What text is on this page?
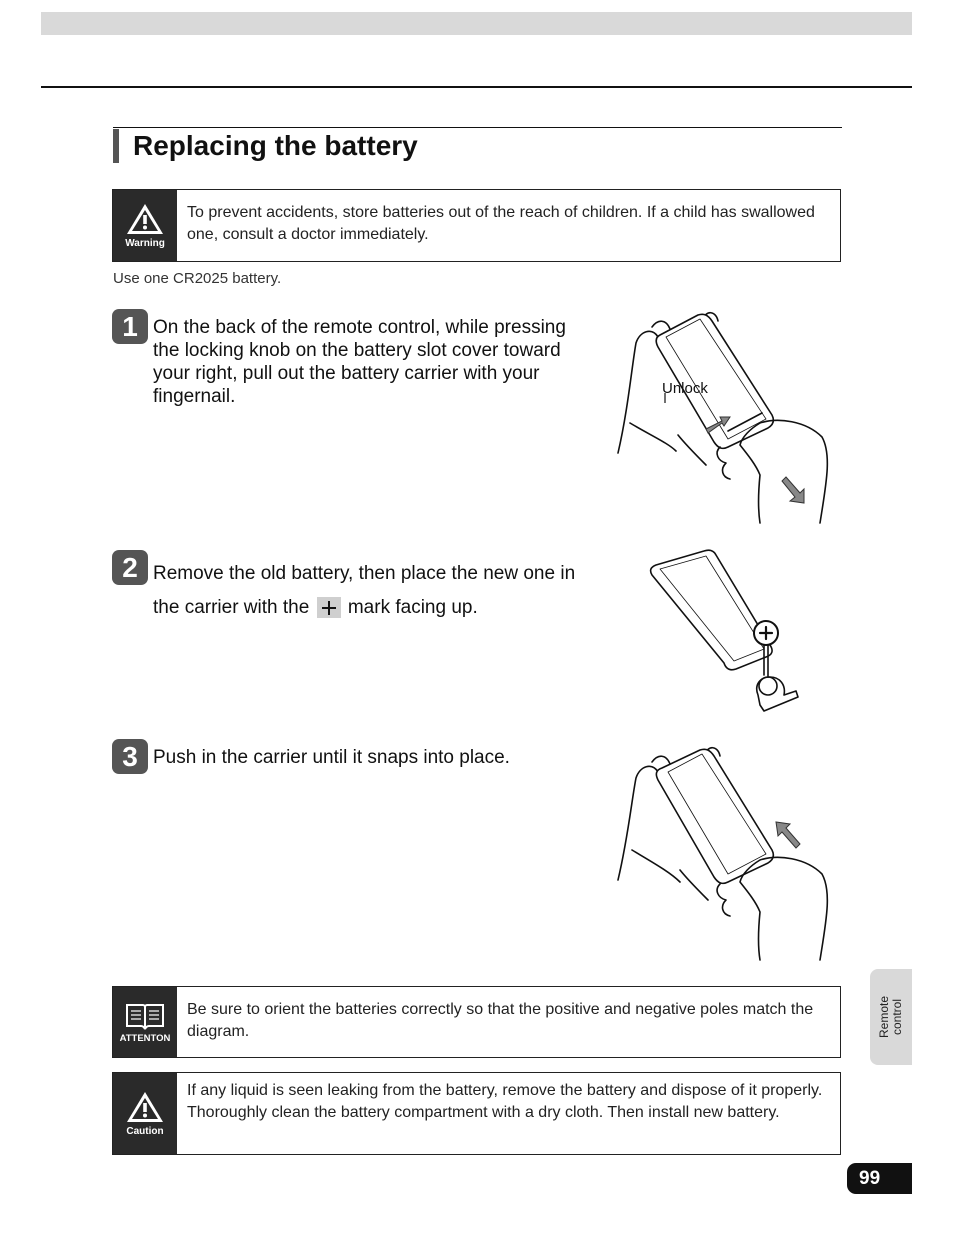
Replacing the battery
Warning
To prevent accidents, store batteries out of the reach of children. If a child has swallowed one, consult a doctor immediately.
Use one CR2025 battery.
1 On the back of the remote control, while pressing the locking knob on the battery slot cover toward your right, pull out the battery carrier with your fingernail.
2 Remove the old battery, then place the new one in the carrier with the mark facing up.
3 Push in the carrier until it snaps into place.
Unlock
ATTENTON
Be sure to orient the batteries correctly so that the positive and negative poles match the diagram.
Caution
If any liquid is seen leaking from the battery, remove the battery and dispose of it properly. Thoroughly clean the battery compartment with a dry cloth. Then install new battery.
Remote control
99
